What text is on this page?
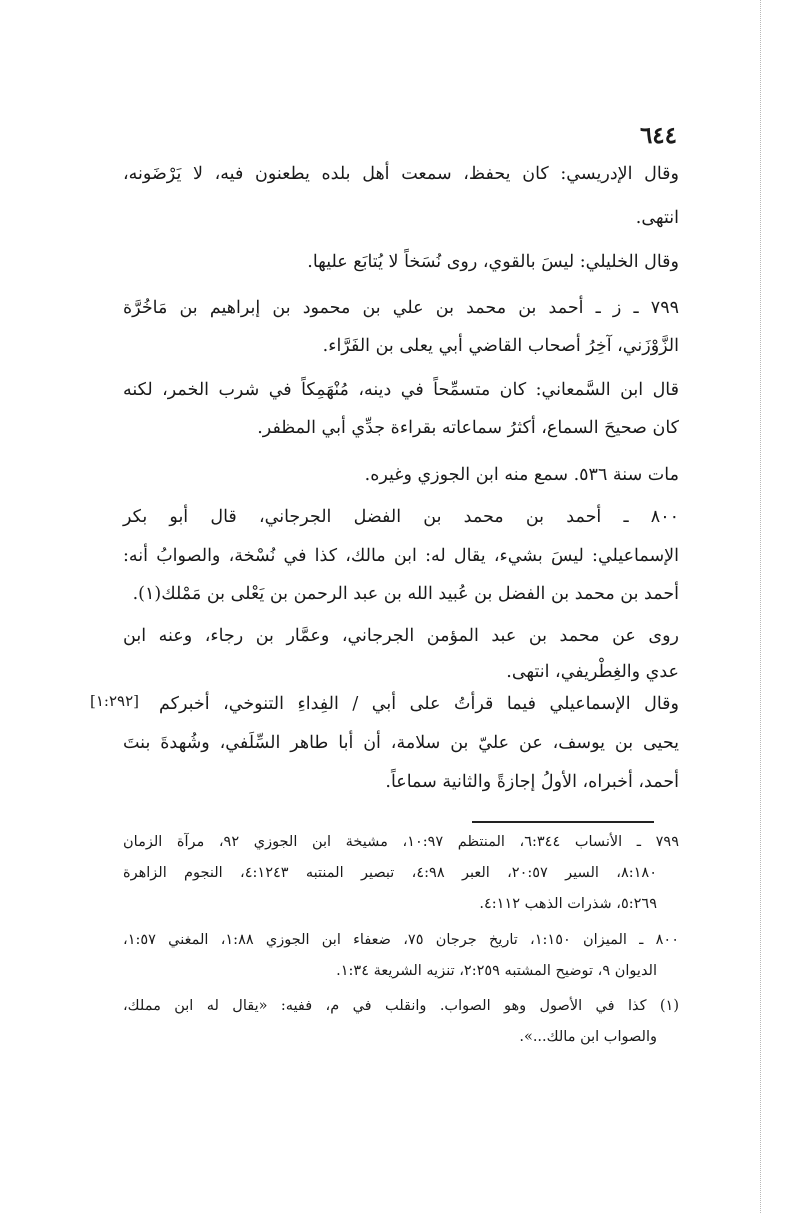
٦٤٤
وقال الإدريسي: كان يحفظ، سمعت أهل بلده يطعنون فيه، لا يَرْضَونه،
انتهى.
وقال الخليلي: ليسَ بالقوي، روى نُسَخاً لا يُتابَع عليها.
٧٩٩ ـ ز ـ أحمد بن محمد بن علي بن محمود بن إبراهيم بن مَاخُرَّة
الزَّوْزَني، آخِرُ أصحاب القاضي أبي يعلى بن الفَرَّاء.
قال ابن السَّمعاني: كان متسمِّحاً في دينه، مُنْهَمِكاً في شرب الخمر، لكنه
كان صحيحَ السماع، أكثرُ سماعاته بقراءة جدِّي أبي المظفر.
مات سنة ٥٣٦. سمع منه ابن الجوزي وغيره.
٨٠٠ ـ أحمد بن محمد بن الفضل الجرجاني، قال أبو بكر
الإسماعيلي: ليسَ بشيء، يقال له: ابن مالك، كذا في نُسْخة، والصوابُ أنه:
أحمد بن محمد بن الفضل بن عُبيد الله بن عبد الرحمن بن يَعْلى بن مَمْلك(١).
روى عن محمد بن عبد المؤمن الجرجاني، وعمَّار بن رجاء، وعنه ابن
عدي والغِطْريفي، انتهى.
[١:٢٩٢] وقال الإسماعيلي فيما قرأتُ على أبي / الفِداءِ التنوخي، أخبركم
يحيى بن يوسف، عن عليّ بن سلامة، أن أبا طاهر السِّلَفي، وشُهدةَ بنتَ
أحمد، أخبراه، الأولُ إجازةً والثانية سماعاً.
٧٩٩ ـ الأنساب ٦:٣٤٤، المنتظم ١٠:٩٧، مشيخة ابن الجوزي ٩٢، مرآة الزمان
٨:١٨٠، السير ٢٠:٥٧، العبر ٤:٩٨، تبصير المنتبه ٤:١٢٤٣، النجوم الزاهرة
٥:٢٦٩، شذرات الذهب ٤:١١٢.
٨٠٠ ـ الميزان ١:١٥٠، تاريخ جرجان ٧٥، ضعفاء ابن الجوزي ١:٨٨، المغني ١:٥٧،
الديوان ٩، توضيح المشتبه ٢:٢٥٩، تنزيه الشريعة ١:٣٤.
(١) كذا في الأصول وهو الصواب. وانقلب في م، ففيه: «يقال له ابن مملك،
والصواب ابن مالك...».
